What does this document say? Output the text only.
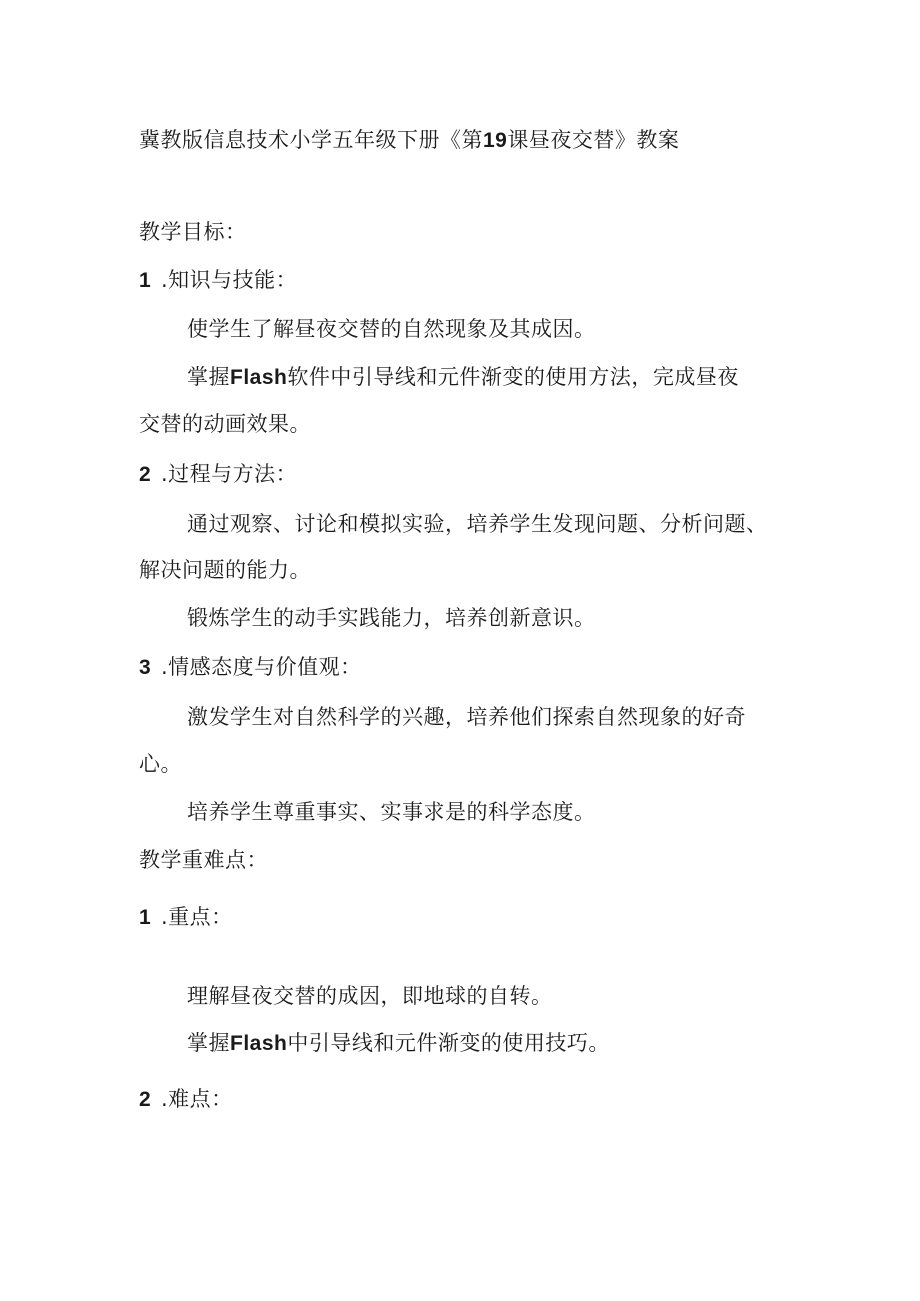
冀教版信息技术小学五年级下册《第19课昼夜交替》教案
教学目标：
1 .知识与技能：
使学生了解昼夜交替的自然现象及其成因。
掌握Flash软件中引导线和元件渐变的使用方法，完成昼夜
交替的动画效果。
2 .过程与方法：
通过观察、讨论和模拟实验，培养学生发现问题、分析问题、
解决问题的能力。
锻炼学生的动手实践能力，培养创新意识。
3 .情感态度与价值观：
激发学生对自然科学的兴趣，培养他们探索自然现象的好奇
心。
培养学生尊重事实、实事求是的科学态度。
教学重难点：
1 .重点：
理解昼夜交替的成因，即地球的自转。
掌握Flash中引导线和元件渐变的使用技巧。
2 .难点：
